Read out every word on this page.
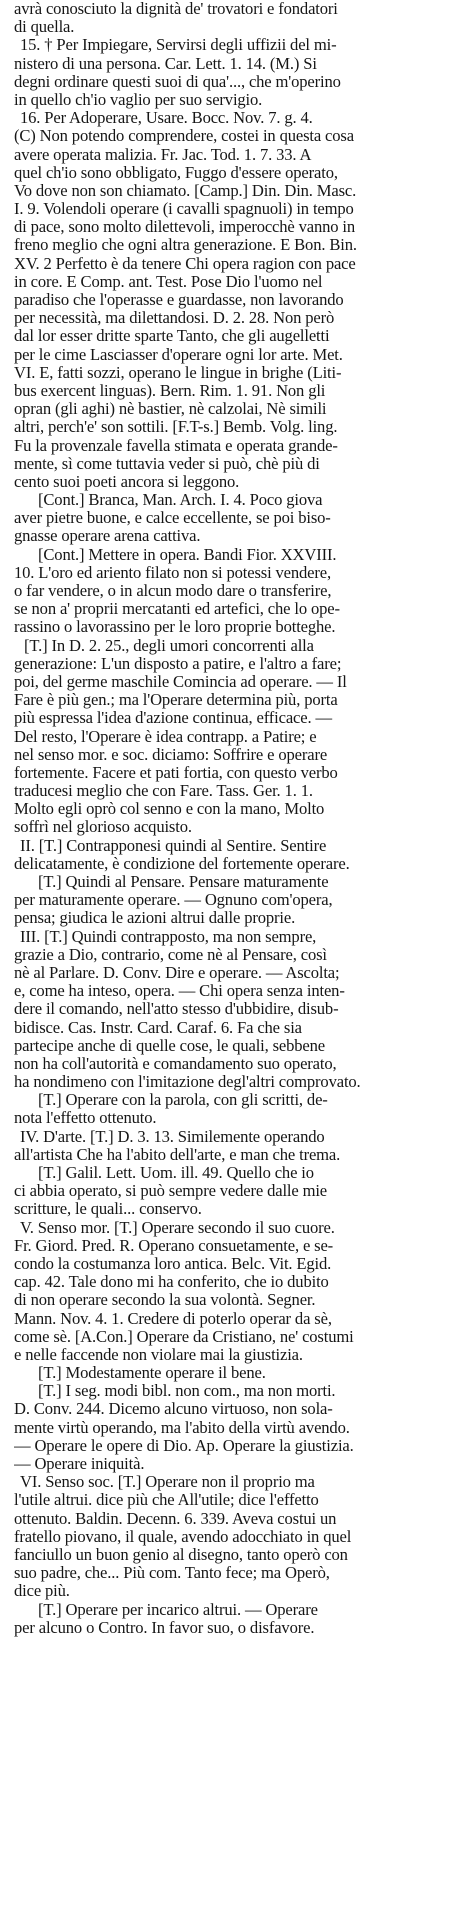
avrà conosciuto la dignità de' trovatori e fondatori
di quella.
15. † Per Impiegare, Servirsi degli uffizii del mi-
nistero di una persona. Car. Lett. 1. 14. (M.) Si
degni ordinare questi suoi di qua'..., che m'operino
in quello ch'io vaglio per suo servigio.
16. Per Adoperare, Usare. Bocc. Nov. 7. g. 4.
(C) Non potendo comprendere, costei in questa cosa
avere operata malizia. Fr. Jac. Tod. 1. 7. 33. A
quel ch'io sono obbligato, Fuggo d'essere operato,
Vo dove non son chiamato. [Camp.] Din. Din. Masc.
I. 9. Volendoli operare (i cavalli spagnuoli) in tempo
di pace, sono molto dilettevoli, imperocchè vanno in
freno meglio che ogni altra generazione. E Bon. Bin.
XV. 2 Perfetto è da tenere Chi opera ragion con pace
in core. E Comp. ant. Test. Pose Dio l'uomo nel
paradiso che l'operasse e guardasse, non lavorando
per necessità, ma dilettandosi. D. 2. 28. Non però
dal lor esser dritte sparte Tanto, che gli augelletti
per le cime Lasciasser d'operare ogni lor arte. Met.
VI. E, fatti sozzi, operano le lingue in brighe (Liti-
bus exercent linguas). Bern. Rim. 1. 91. Non gli
opran (gli aghi) nè bastier, nè calzolai, Nè simili
altri, perch'e' son sottili. [F.T-s.] Bemb. Volg. ling.
Fu la provenzale favella stimata e operata grande-
mente, sì come tuttavia veder si può, chè più di
cento suoi poeti ancora si leggono.
[Cont.] Branca, Man. Arch. I. 4. Poco giova
aver pietre buone, e calce eccellente, se poi biso-
gnasse operare arena cattiva.
[Cont.] Mettere in opera. Bandi Fior. XXVIII.
10. L'oro ed ariento filato non si potessi vendere,
o far vendere, o in alcun modo dare o transferire,
se non a' proprii mercatanti ed artefici, che lo ope-
rassino o lavorassino per le loro proprie botteghe.
[T.] In D. 2. 25., degli umori concorrenti alla
generazione: L'un disposto a patire, e l'altro a fare;
poi, del germe maschile Comincia ad operare. — Il
Fare è più gen.; ma l'Operare determina più, porta
più espressa l'idea d'azione continua, efficace. —
Del resto, l'Operare è idea contrapp. a Patire; e
nel senso mor. e soc. diciamo: Soffrire e operare
fortemente. Facere et pati fortia, con questo verbo
traducesi meglio che con Fare. Tass. Ger. 1. 1.
Molto egli oprò col senno e con la mano, Molto
soffrì nel glorioso acquisto.
II. [T.] Contrapponesi quindi al Sentire. Sentire
delicatamente, è condizione del fortemente operare.
[T.] Quindi al Pensare. Pensare maturamente
per maturamente operare. — Ognuno com'opera,
pensa; giudica le azioni altrui dalle proprie.
III. [T.] Quindi contrapposto, ma non sempre,
grazie a Dio, contrario, come nè al Pensare, così
nè al Parlare. D. Conv. Dire e operare. — Ascolta;
e, come ha inteso, opera. — Chi opera senza inten-
dere il comando, nell'atto stesso d'ubbidire, disub-
bidisce. Cas. Instr. Card. Caraf. 6. Fa che sia
partecipe anche di quelle cose, le quali, sebbene
non ha coll'autorità e comandamento suo operato,
ha nondimeno con l'imitazione degl'altri comprovato.
[T.] Operare con la parola, con gli scritti, de-
nota l'effetto ottenuto.
IV. D'arte. [T.] D. 3. 13. Similemente operando
all'artista Che ha l'abito dell'arte, e man che trema.
[T.] Galil. Lett. Uom. ill. 49. Quello che io
ci abbia operato, si può sempre vedere dalle mie
scritture, le quali... conservo.
V. Senso mor. [T.] Operare secondo il suo cuore.
Fr. Giord. Pred. R. Operano consuetamente, e se-
condo la costumanza loro antica. Belc. Vit. Egid.
cap. 42. Tale dono mi ha conferito, che io dubito
di non operare secondo la sua volontà. Segner.
Mann. Nov. 4. 1. Credere di poterlo operar da sè,
come sè. [A.Con.] Operare da Cristiano, ne' costumi
e nelle faccende non violare mai la giustizia.
[T.] Modestamente operare il bene.
[T.] I seg. modi bibl. non com., ma non morti.
D. Conv. 244. Dicemo alcuno virtuoso, non sola-
mente virtù operando, ma l'abito della virtù avendo.
— Operare le opere di Dio. Ap. Operare la giustizia.
— Operare iniquità.
VI. Senso soc. [T.] Operare non il proprio ma
l'utile altrui. dice più che All'utile; dice l'effetto
ottenuto. Baldin. Decenn. 6. 339. Aveva costui un
fratello piovano, il quale, avendo adocchiato in quel
fanciullo un buon genio al disegno, tanto operò con
suo padre, che... Più com. Tanto fece; ma Operò,
dice più.
[T.] Operare per incarico altrui. — Operare
per alcuno o Contro. In favor suo, o disfavore.
